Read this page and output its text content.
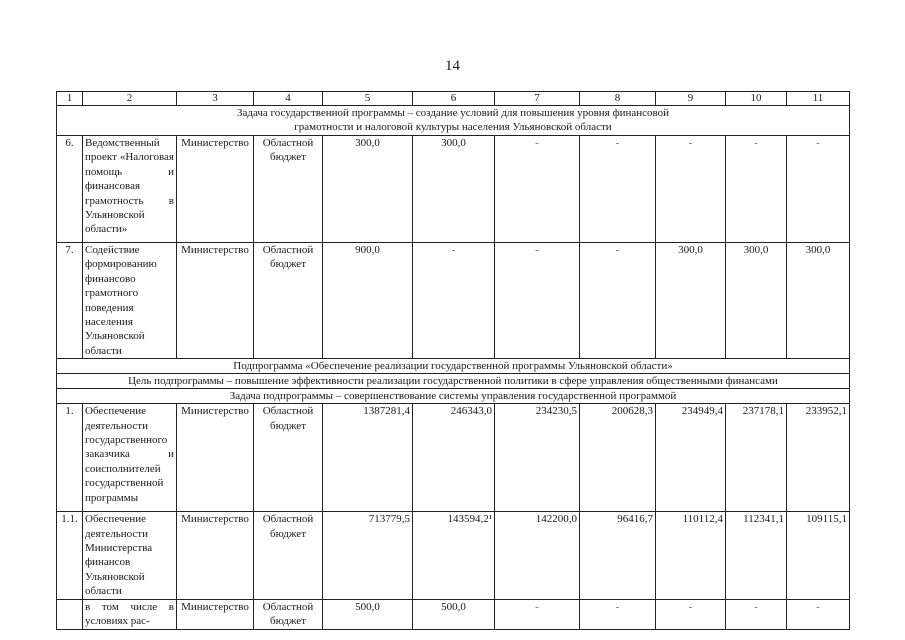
14
1	2	3	4	5	6	7	8	9	10	11
Задача государственной программы – создание условий для повышения уровня финансовой грамотности и налоговой культуры населения Ульяновской области										
6.	Ведомственный проект «Налоговая помощь и финансовая грамотность в Ульяновской области»	Министерство	Областной бюджет	300,0	300,0	-	-	-	-	-
7.	Содействие формированию финансово грамотного поведения населения Ульяновской области	Министерство	Областной бюджет	900,0	-	-	-	300,0	300,0	300,0
Подпрограмма «Обеспечение реализации государственной программы Ульяновской области»										
Цель подпрограммы – повышение эффективности реализации государственной политики в сфере управления общественными финансами										
Задача подпрограммы – совершенствование системы управления государственной программой										
1.	Обеспечение деятельности государственного заказчика и соисполнителей государственной программы	Министерство	Областной бюджет	1387281,4	246343,0	234230,5	200628,3	234949,4	237178,1	233952,1
1.1.	Обеспечение деятельности Министерства финансов Ульяновской области	Министерство	Областной бюджет	713779,5	143594,2¹	142200,0	96416,7	110112,4	112341,1	109115,1
	в том числе в условиях рас-	Министерство	Областной бюджет	500,0	500,0	-	-	-	-	-
